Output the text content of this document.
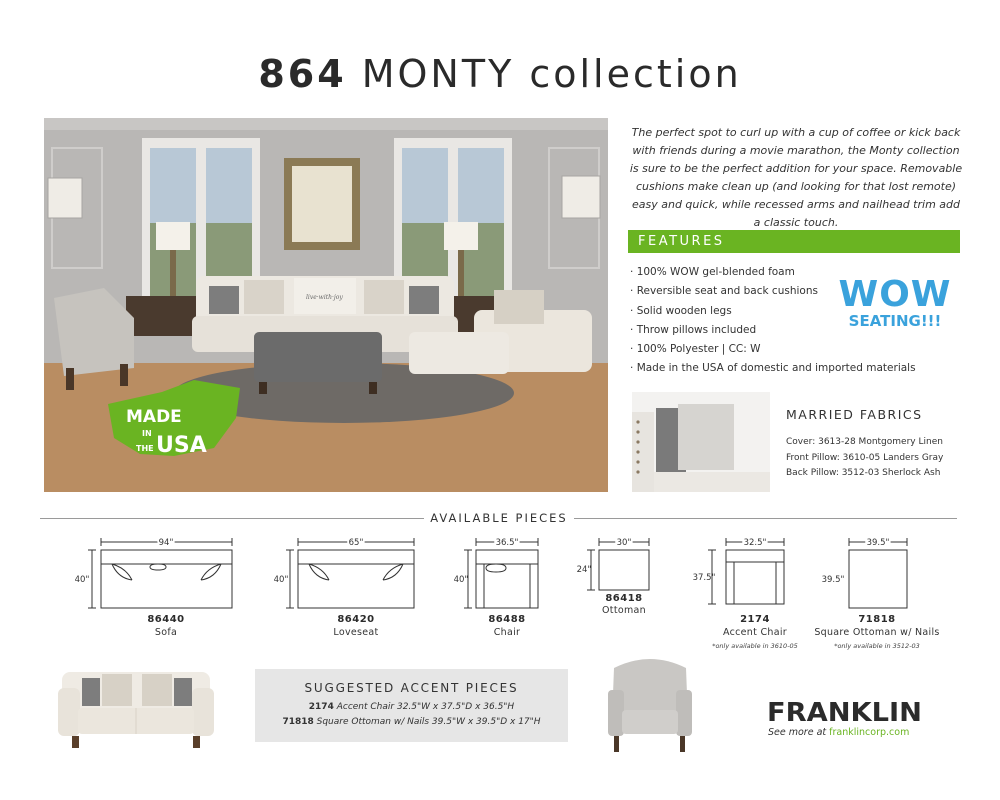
864 MONTY collection
MADE
IN
THE USA
live·with·joy

The perfect spot to curl up with a cup of coffee or kick back with friends during a movie marathon, the Monty collection is sure to be the perfect addition for your space. Removable cushions make clean up (and looking for that lost remote) easy and quick, while recessed arms and nailhead trim add a classic touch.

FEATURES
· 100% WOW gel-blended foam
· Reversible seat and back cushions
· Solid wooden legs
· Throw pillows included
· 100% Polyester | CC: W
· Made in the USA of domestic and imported materials
WOW
SEATING!!!
MARRIED FABRICS
Cover: 3613-28 Montgomery Linen
Front Pillow: 3610-05 Landers Gray
Back Pillow: 3512-03 Sherlock Ash
AVAILABLE PIECES
94"
40"
65"
40"
36.5"
40"
30"
24"
32.5"
37.5"
39.5"
39.5"
86440
Sofa
86420
Loveseat
86488
Chair
86418
Ottoman
2174
Accent Chair
*only available in 3610-05
71818
Square Ottoman w/ Nails
*only available in 3512-03
SUGGESTED ACCENT PIECES
2174 Accent Chair 32.5"W x 37.5"D x 36.5"H
71818 Square Ottoman w/ Nails 39.5"W x 39.5"D x 17"H	FRANKLIN
See more at franklincorp.com
